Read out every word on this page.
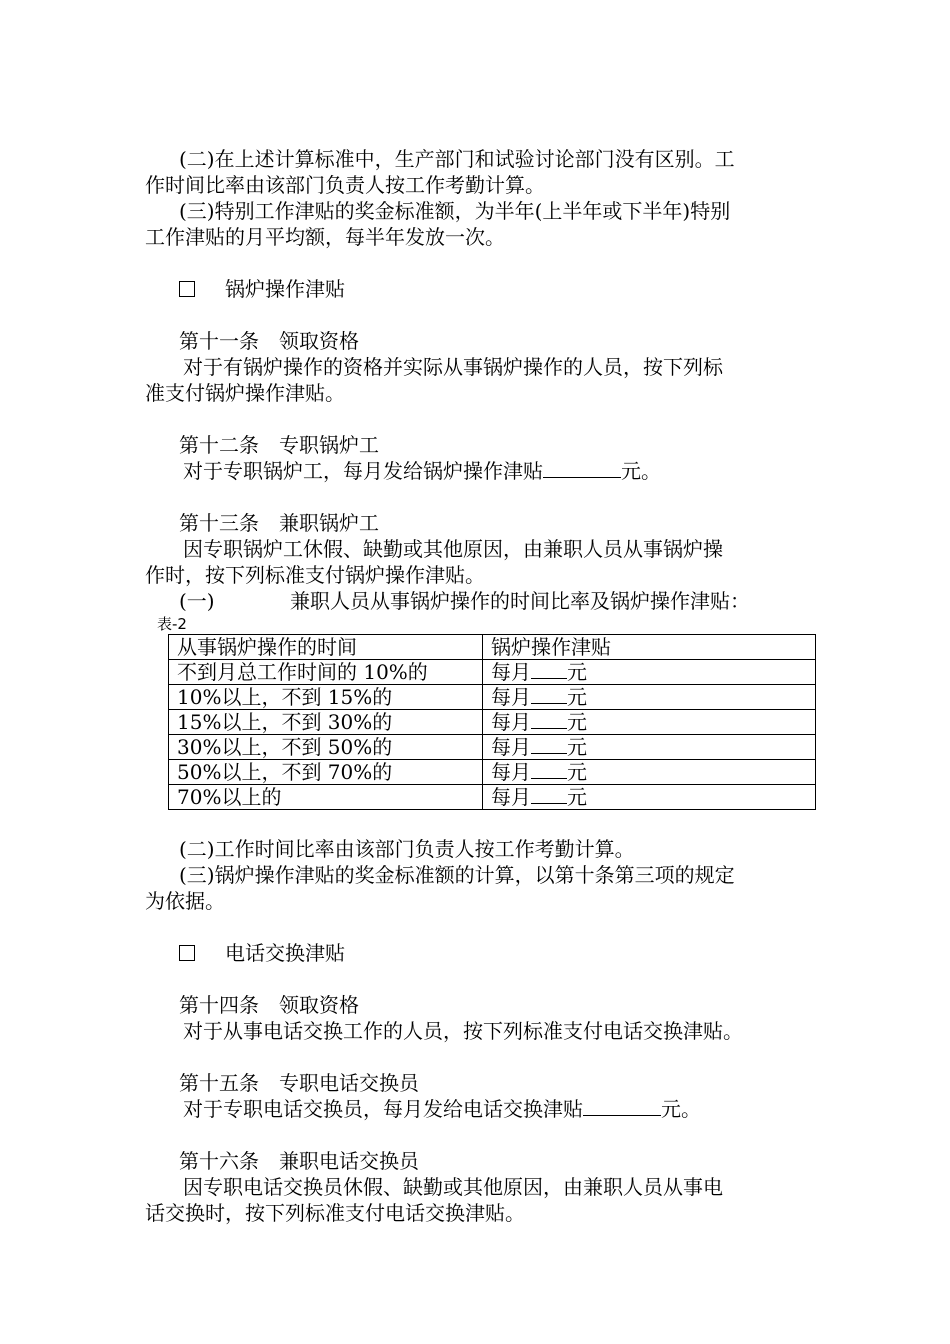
(二)在上述计算标准中，生产部门和试验讨论部门没有区别。工

作时间比率由该部门负责人按工作考勤计算。

(三)特别工作津贴的奖金标准额，为半年(上半年或下半年)特别

工作津贴的月平均额，每半年发放一次。

锅炉操作津贴

第十一条　领取资格

对于有锅炉操作的资格并实际从事锅炉操作的人员，按下列标

准支付锅炉操作津贴。

第十二条　专职锅炉工

对于专职锅炉工，每月发给锅炉操作津贴	元。

第十三条　兼职锅炉工

因专职锅炉工休假、缺勤或其他原因，由兼职人员从事锅炉操

作时，按下列标准支付锅炉操作津贴。

(一)	兼职人员从事锅炉操作的时间比率及锅炉操作津贴：

表-2

从事锅炉操作的时间	锅炉操作津贴
不到月总工作时间的 10%的	每月 元
10%以上，不到 15%的	每月 元
15%以上，不到 30%的	每月 元
30%以上，不到 50%的	每月 元
50%以上，不到 70%的	每月 元
70%以上的	每月 元

(二)工作时间比率由该部门负责人按工作考勤计算。

(三)锅炉操作津贴的奖金标准额的计算，以第十条第三项的规定

为依据。

电话交换津贴

第十四条　领取资格

对于从事电话交换工作的人员，按下列标准支付电话交换津贴。

第十五条　专职电话交换员

对于专职电话交换员，每月发给电话交换津贴	元。

第十六条　兼职电话交换员

因专职电话交换员休假、缺勤或其他原因，由兼职人员从事电

话交换时，按下列标准支付电话交换津贴。
